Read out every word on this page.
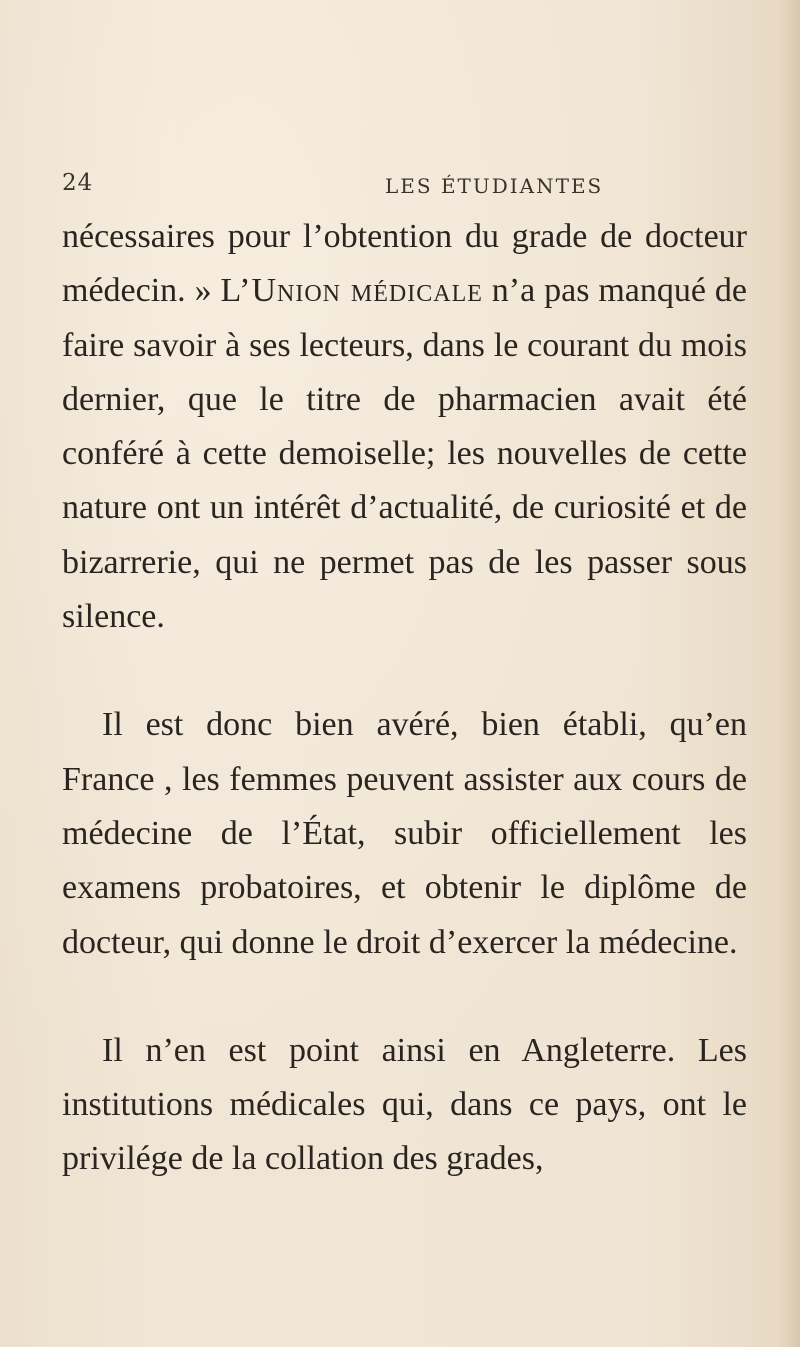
24	LES ÉTUDIANTES

nécessaires pour l’obtention du grade de docteur médecin. » L’Union médicale n’a pas manqué de faire savoir à ses lecteurs, dans le courant du mois dernier, que le titre de pharmacien avait été conféré à cette demoiselle; les nouvelles de cette nature ont un intérêt d’actualité, de curiosité et de bizarrerie, qui ne permet pas de les passer sous silence.

Il est donc bien avéré, bien établi, qu’en France , les femmes peuvent assister aux cours de médecine de l’État, subir officiellement les examens probatoires, et obtenir le diplôme de docteur, qui donne le droit d’exercer la médecine.

Il n’en est point ainsi en Angleterre. Les institutions médicales qui, dans ce pays, ont le privilége de la collation des grades,
